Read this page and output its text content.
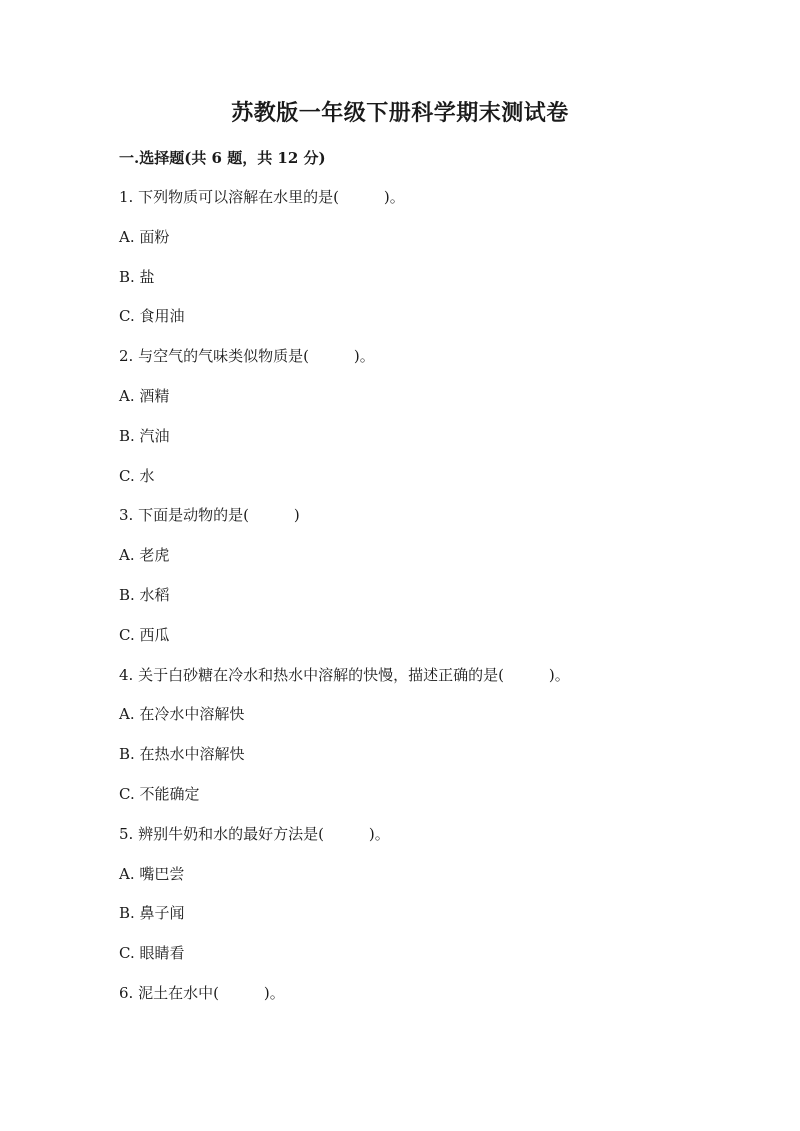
苏教版一年级下册科学期末测试卷
一.选择题(共 6 题，共 12 分)
1. 下列物质可以溶解在水里的是(　　　)。
A. 面粉
B. 盐
C. 食用油
2. 与空气的气味类似物质是(　　　)。
A. 酒精
B. 汽油
C. 水
3. 下面是动物的是(　　　)
A. 老虎
B. 水稻
C. 西瓜
4. 关于白砂糖在冷水和热水中溶解的快慢，描述正确的是(　　　)。
A. 在冷水中溶解快
B. 在热水中溶解快
C. 不能确定
5. 辨别牛奶和水的最好方法是(　　　)。
A. 嘴巴尝
B. 鼻子闻
C. 眼睛看
6. 泥土在水中(　　　)。
